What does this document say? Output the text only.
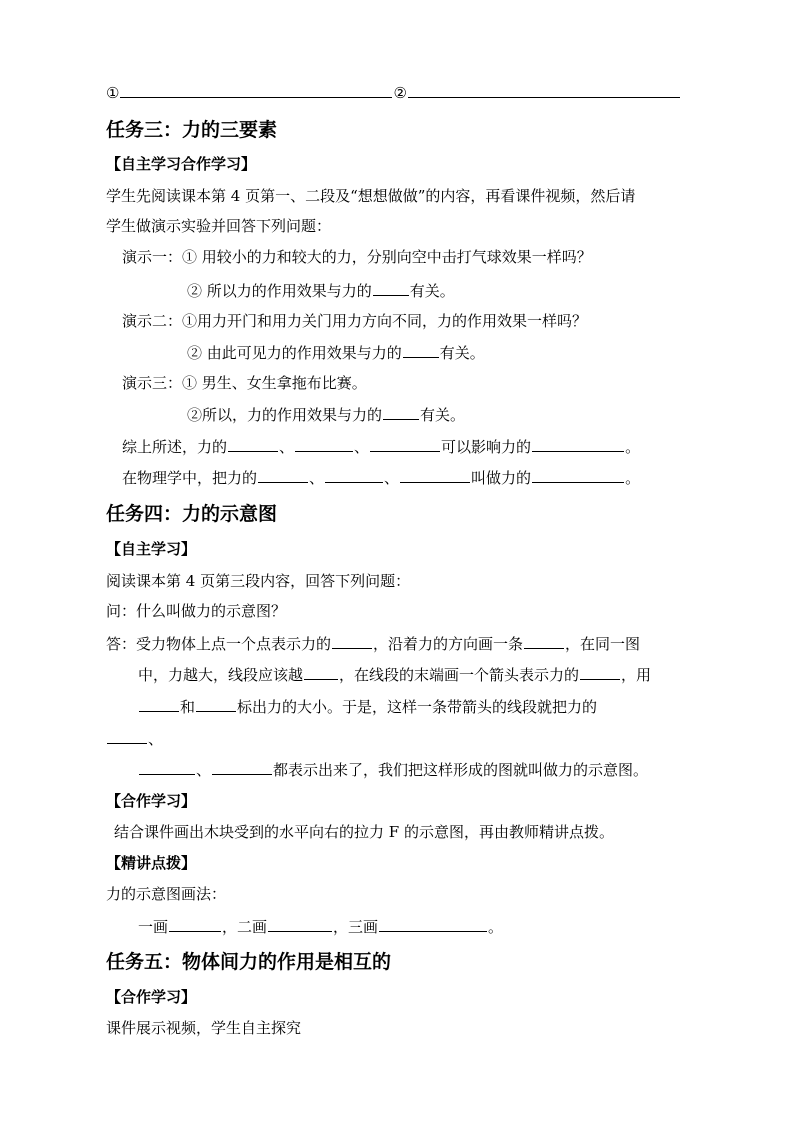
①	②
任务三：力的三要素
【自主学习合作学习】
学生先阅读课本第 4 页第一、二段及“想想做做”的内容，再看课件视频，然后请
学生做演示实验并回答下列问题：
演示一：① 用较小的力和较大的力，分别向空中击打气球效果一样吗？
② 所以力的作用效果与力的	有关。
演示二：①用力开门和用力关门用力方向不同，力的作用效果一样吗？
② 由此可见力的作用效果与力的	有关。
演示三：① 男生、女生拿拖布比赛。
②所以，力的作用效果与力的	有关。
综上所述，力的	、	、	可以影响力的	。
在物理学中，把力的	、	、	叫做力的	。
任务四：力的示意图
【自主学习】
阅读课本第 4 页第三段内容，回答下列问题：
问：什么叫做力的示意图？
答：受力物体上点一个点表示力的	，沿着力的方向画一条	，在同一图
中，力越大，线段应该越 ，在线段的末端画一个箭头表示力的	，用
和	标出力的大小。于是，这样一条带箭头的线段就把力的
、
、	都表示出来了，我们把这样形成的图就叫做力的示意图。
【合作学习】
结合课件画出木块受到的水平向右的拉力 F 的示意图，再由教师精讲点拨。
【精讲点拨】
力的示意图画法：
一画	，二画	，三画	。
任务五：物体间力的作用是相互的
【合作学习】
课件展示视频，学生自主探究
